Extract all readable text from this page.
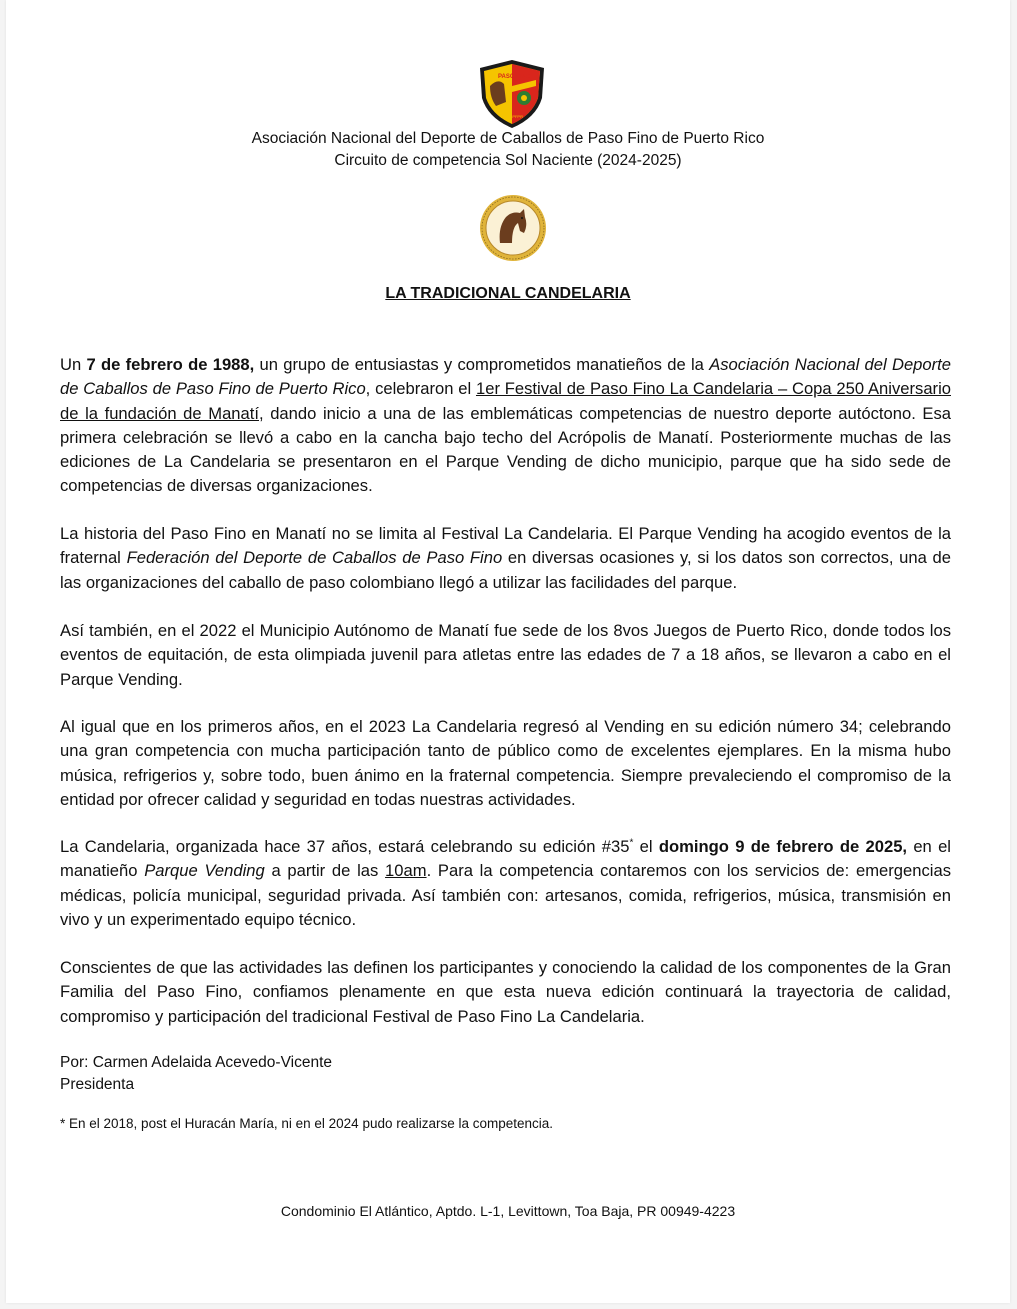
PASO FINO
ANDCPFPR
Asociación Nacional del Deporte de Caballos de Paso Fino de Puerto Rico
Circuito de competencia Sol Naciente (2024-2025)
LA TRADICIONAL CANDELARIA
Un 7 de febrero de 1988, un grupo de entusiastas y comprometidos manatieños de la Asociación Nacional del Deporte de Caballos de Paso Fino de Puerto Rico, celebraron el 1er Festival de Paso Fino La Candelaria – Copa 250 Aniversario de la fundación de Manatí, dando inicio a una de las emblemáticas competencias de nuestro deporte autóctono. Esa primera celebración se llevó a cabo en la cancha bajo techo del Acrópolis de Manatí. Posteriormente muchas de las ediciones de La Candelaria se presentaron en el Parque Vending de dicho municipio, parque que ha sido sede de competencias de diversas organizaciones.
La historia del Paso Fino en Manatí no se limita al Festival La Candelaria. El Parque Vending ha acogido eventos de la fraternal Federación del Deporte de Caballos de Paso Fino en diversas ocasiones y, si los datos son correctos, una de las organizaciones del caballo de paso colombiano llegó a utilizar las facilidades del parque.
Así también, en el 2022 el Municipio Autónomo de Manatí fue sede de los 8vos Juegos de Puerto Rico, donde todos los eventos de equitación, de esta olimpiada juvenil para atletas entre las edades de 7 a 18 años, se llevaron a cabo en el Parque Vending.
Al igual que en los primeros años, en el 2023 La Candelaria regresó al Vending en su edición número 34; celebrando una gran competencia con mucha participación tanto de público como de excelentes ejemplares. En la misma hubo música, refrigerios y, sobre todo, buen ánimo en la fraternal competencia. Siempre prevaleciendo el compromiso de la entidad por ofrecer calidad y seguridad en todas nuestras actividades.
La Candelaria, organizada hace 37 años, estará celebrando su edición #35* el domingo 9 de febrero de 2025, en el manatieño Parque Vending a partir de las 10am. Para la competencia contaremos con los servicios de: emergencias médicas, policía municipal, seguridad privada. Así también con: artesanos, comida, refrigerios, música, transmisión en vivo y un experimentado equipo técnico.
Conscientes de que las actividades las definen los participantes y conociendo la calidad de los componentes de la Gran Familia del Paso Fino, confiamos plenamente en que esta nueva edición continuará la trayectoria de calidad, compromiso y participación del tradicional Festival de Paso Fino La Candelaria.
Por: Carmen Adelaida Acevedo-Vicente
Presidenta
* En el 2018, post el Huracán María, ni en el 2024 pudo realizarse la competencia.
Condominio El Atlántico, Aptdo. L-1, Levittown, Toa Baja, PR 00949-4223
